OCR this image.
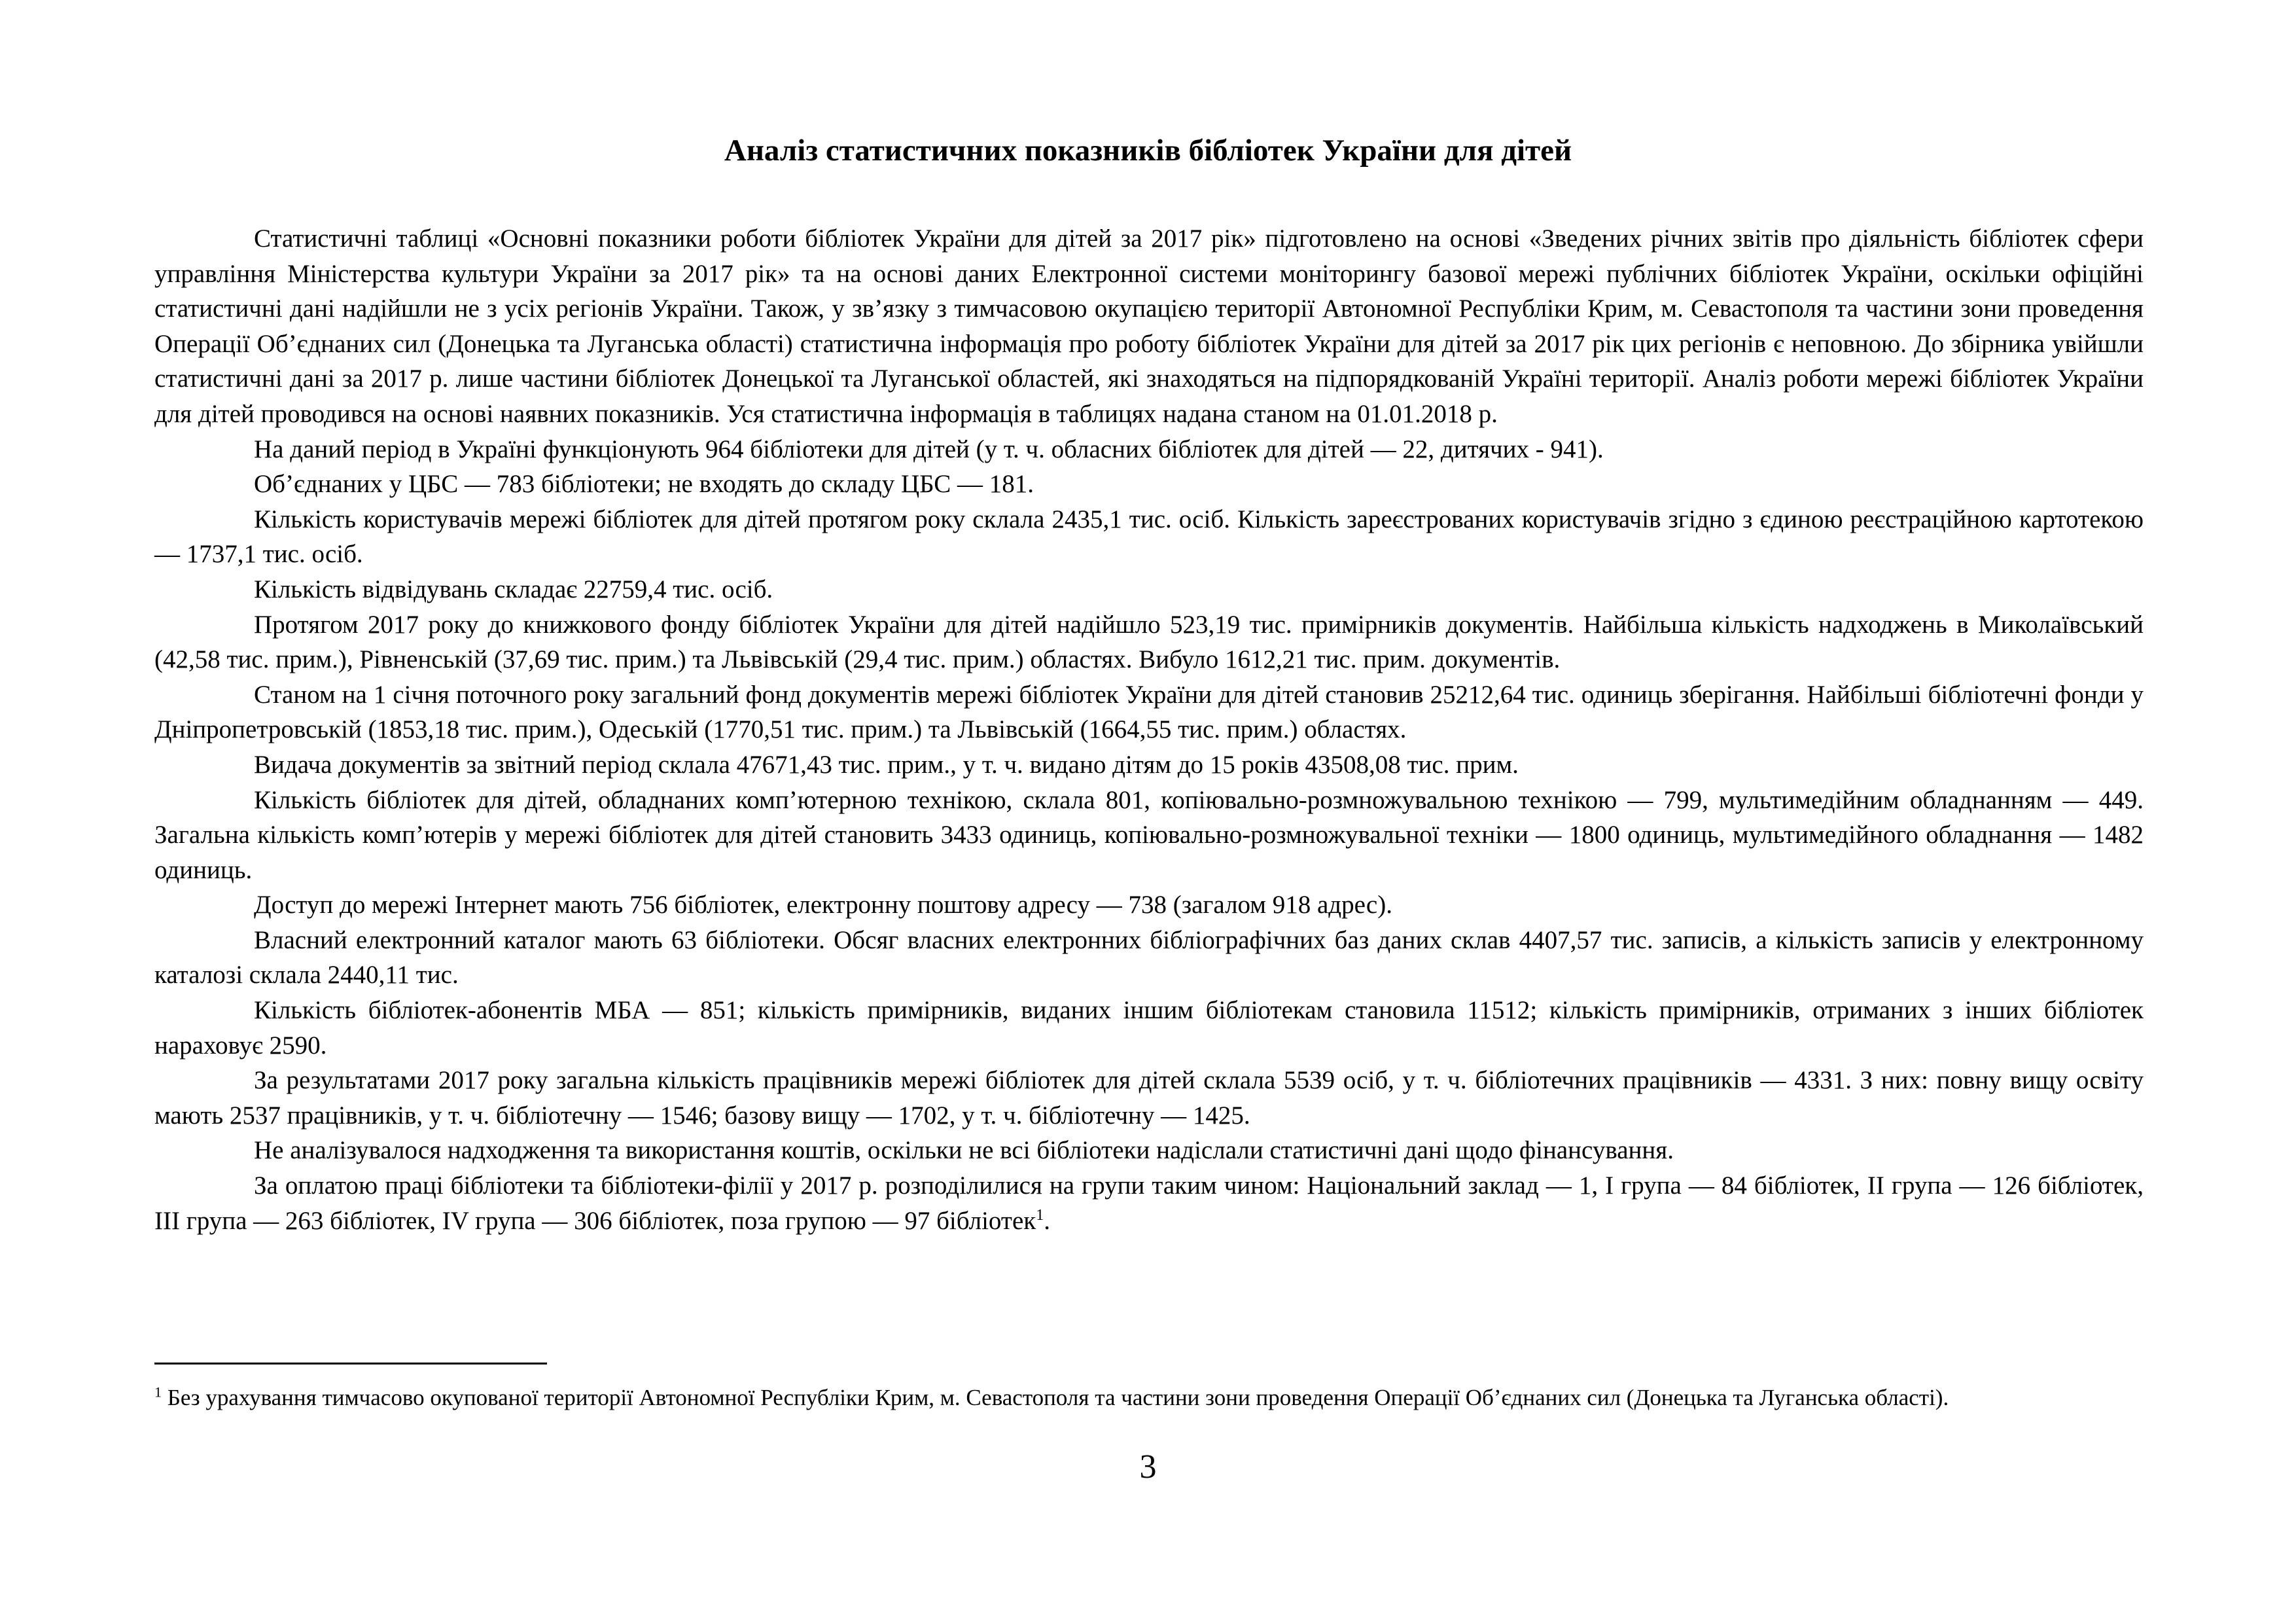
Аналіз статистичних показників бібліотек України для дітей

Статистичні таблиці «Основні показники роботи бібліотек України для дітей за 2017 рік» підготовлено на основі «Зведених річних звітів про діяльність бібліотек сфери управління Міністерства культури України за 2017 рік» та на основі даних Електронної системи моніторингу базової мережі публічних бібліотек України, оскільки офіційні статистичні дані надійшли не з усіх регіонів України. Також, у зв’язку з тимчасовою окупацією території Автономної Республіки Крим, м. Севастополя та частини зони проведення Операції Об’єднаних сил (Донецька та Луганська області) статистична інформація про роботу бібліотек України для дітей за 2017 рік цих регіонів є неповною. До збірника увійшли статистичні дані за 2017 р. лише частини бібліотек Донецької та Луганської областей, які знаходяться на підпорядкованій Україні території. Аналіз роботи мережі бібліотек України для дітей проводився на основі наявних показників. Уся статистична інформація в таблицях надана станом на 01.01.2018 р.

На даний період в Україні функціонують 964 бібліотеки для дітей (у т. ч. обласних бібліотек для дітей — 22, дитячих - 941).

Об’єднаних у ЦБС — 783 бібліотеки; не входять до складу ЦБС — 181.

Кількість користувачів мережі бібліотек для дітей протягом року склала 2435,1 тис. осіб. Кількість зареєстрованих користувачів згідно з єдиною реєстраційною картотекою — 1737,1 тис. осіб.

Кількість відвідувань складає 22759,4 тис. осіб.

Протягом 2017 року до книжкового фонду бібліотек України для дітей надійшло 523,19 тис. примірників документів. Найбільша кількість надходжень в Миколаївський (42,58 тис. прим.), Рівненській (37,69 тис. прим.) та Львівській (29,4 тис. прим.) областях. Вибуло 1612,21 тис. прим. документів.

Станом на 1 січня поточного року загальний фонд документів мережі бібліотек України для дітей становив 25212,64 тис. одиниць зберігання. Найбільші бібліотечні фонди у Дніпропетровській (1853,18 тис. прим.), Одеській (1770,51 тис. прим.) та Львівській (1664,55 тис. прим.) областях.

Видача документів за звітний період склала 47671,43 тис. прим., у т. ч. видано дітям до 15 років 43508,08 тис. прим.

Кількість бібліотек для дітей, обладнаних комп’ютерною технікою, склала 801, копіювально-розмножувальною технікою — 799, мультимедійним обладнанням — 449. Загальна кількість комп’ютерів у мережі бібліотек для дітей становить 3433 одиниць, копіювально-розмножувальної техніки — 1800 одиниць, мультимедійного обладнання — 1482 одиниць.

Доступ до мережі Інтернет мають 756 бібліотек, електронну поштову адресу — 738 (загалом 918 адрес).

Власний електронний каталог мають 63 бібліотеки. Обсяг власних електронних бібліографічних баз даних склав 4407,57 тис. записів, а кількість записів у електронному каталозі склала 2440,11 тис.

Кількість бібліотек-абонентів МБА — 851; кількість примірників, виданих іншим бібліотекам становила 11512; кількість примірників, отриманих з інших бібліотек нараховує 2590.

За результатами 2017 року загальна кількість працівників мережі бібліотек для дітей склала 5539 осіб, у т. ч. бібліотечних працівників — 4331. З них: повну вищу освіту мають 2537 працівників, у т. ч. бібліотечну — 1546; базову вищу — 1702, у т. ч. бібліотечну — 1425.

Не аналізувалося надходження та використання коштів, оскільки не всі бібліотеки надіслали статистичні дані щодо фінансування.

За оплатою праці бібліотеки та бібліотеки-філії у 2017 р. розподілилися на групи таким чином: Національний заклад — 1, І група — 84 бібліотек, ІІ група — 126 бібліотек, ІІІ група — 263 бібліотек, IV група — 306 бібліотек, поза групою — 97 бібліотек$^1$.

$^1$ Без урахування тимчасово окупованої території Автономної Республіки Крим, м. Севастополя та частини зони проведення Операції Об’єднаних сил (Донецька та Луганська області).

3
